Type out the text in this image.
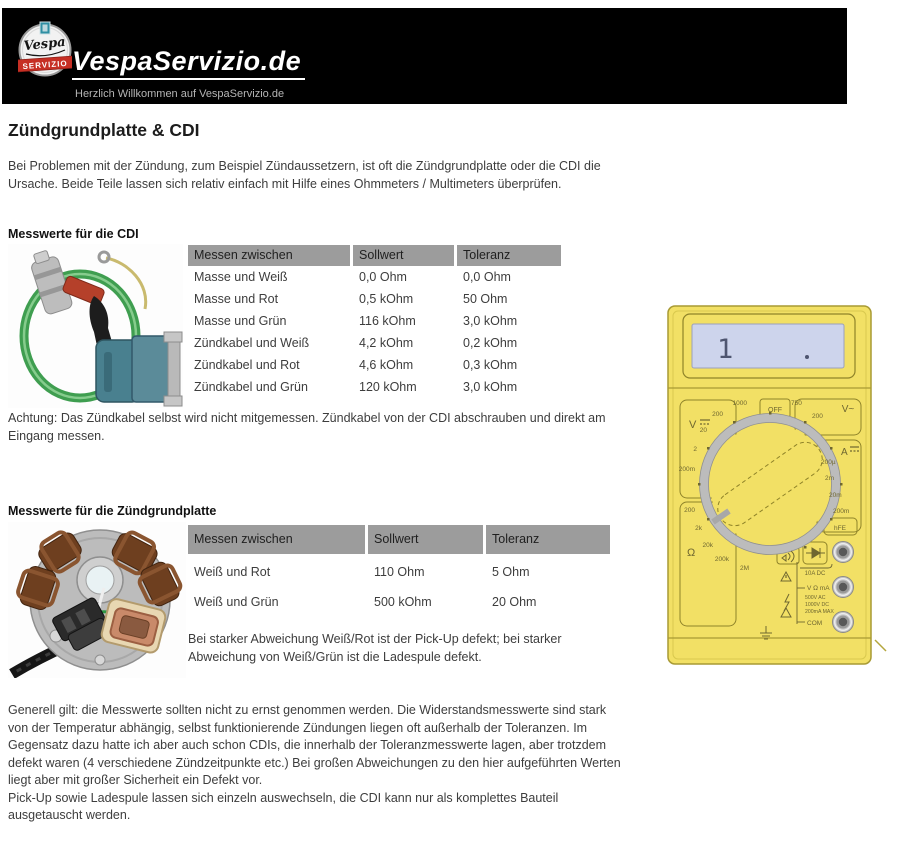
Vespa
SERVIZIO VespaServizio.de
Herzlich Willkommen auf VespaServizio.de
Zündgrundplatte & CDI
Bei Problemen mit der Zündung, zum Beispiel Zündaussetzern, ist oft die Zündgrundplatte oder die CDI die Ursache. Beide Teile lassen sich relativ einfach mit Hilfe eines Ohmmeters / Multimeters überprüfen.
Messwerte für die CDI
Messen zwischen	Sollwert	Toleranz
Masse und Weiß	0,0 Ohm	0,0 Ohm
Masse und Rot	0,5 kOhm	50 Ohm
Masse und Grün	116 kOhm	3,0 kOhm
Zündkabel und Weiß	4,2 kOhm	0,2 kOhm
Zündkabel und Rot	4,6 kOhm	0,3 kOhm
Zündkabel und Grün	120 kOhm	3,0 kOhm
Achtung: Das Zündkabel selbst wird nicht mitgemessen. Zündkabel von der CDI abschrauben und direkt am Eingang messen.
Messwerte für die Zündgrundplatte
Messen zwischen	Sollwert	Toleranz
Weiß und Rot	110 Ohm	5 Ohm
Weiß und Grün	500 kOhm	20 Ohm
Bei starker Abweichung Weiß/Rot ist der Pick-Up defekt; bei starker Abweichung von Weiß/Grün ist die Ladespule defekt.
Generell gilt: die Messwerte sollten nicht zu ernst genommen werden. Die Widerstandsmesswerte sind stark von der Temperatur abhängig, selbst funktionierende Zündungen liegen oft außerhalb der Toleranzen. Im Gegensatz dazu hatte ich aber auch schon CDIs, die innerhalb der Toleranzmesswerte lagen, aber trotzdem defekt waren (4 verschiedene Zündzeitpunkte etc.) Bei großen Abweichungen zu den hier aufgeführten Werten liegt aber mit großer Sicherheit ein Defekt vor.
Pick-Up sowie Ladespule lassen sich einzeln auswechseln, die CDI kann nur als komplettes Bauteil ausgetauscht werden.
1
OFF	V~
V
A
Ω
hFE
1000
200
20
2
200m
200
2k
20k
200k
2M
750
200
200µ
2m
20m
200m
10A DC
V Ω mA
COM
500V AC
1000V DC
200mA MAX
